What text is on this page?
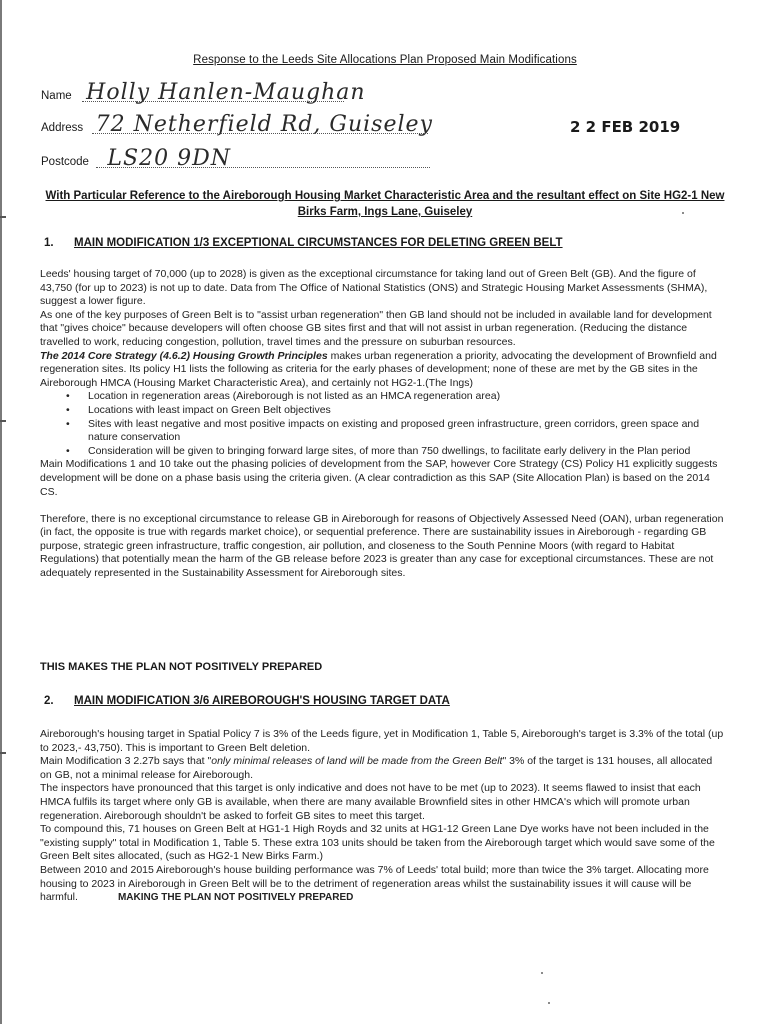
Response to the Leeds Site Allocations Plan Proposed Main Modifications
Name Holly Hanlen-Maughan
Address 72 Netherfield Rd, Guiseley	2 2 FEB 2019
Postcode LS20 9DN
With Particular Reference to the Aireborough Housing Market Characteristic Area and the resultant effect on Site HG2-1 New Birks Farm, Ings Lane, Guiseley
1. MAIN MODIFICATION 1/3 EXCEPTIONAL CIRCUMSTANCES FOR DELETING GREEN BELT

Leeds' housing target of 70,000 (up to 2028) is given as the exceptional circumstance for taking land out of Green Belt (GB). And the figure of 43,750 (for up to 2023) is not up to date. Data from The Office of National Statistics (ONS) and Strategic Housing Market Assessments (SHMA), suggest a lower figure.

As one of the key purposes of Green Belt is to "assist urban regeneration" then GB land should not be included in available land for development that "gives choice" because developers will often choose GB sites first and that will not assist in urban regeneration. (Reducing the distance travelled to work, reducing congestion, pollution, travel times and the pressure on suburban resources.

The 2014 Core Strategy (4.6.2) Housing Growth Principles makes urban regeneration a priority, advocating the development of Brownfield and regeneration sites. Its policy H1 lists the following as criteria for the early phases of development; none of these are met by the GB sites in the Aireborough HMCA (Housing Market Characteristic Area), and certainly not HG2-1.(The Ings)

• Location in regeneration areas (Aireborough is not listed as an HMCA regeneration area)
• Locations with least impact on Green Belt objectives
• Sites with least negative and most positive impacts on existing and proposed green infrastructure, green corridors, green space and nature conservation
• Consideration will be given to bringing forward large sites, of more than 750 dwellings, to facilitate early delivery in the Plan period

Main Modifications 1 and 10 take out the phasing policies of development from the SAP, however Core Strategy (CS) Policy H1 explicitly suggests development will be done on a phase basis using the criteria given. (A clear contradiction as this SAP (Site Allocation Plan) is based on the 2014 CS.

Therefore, there is no exceptional circumstance to release GB in Aireborough for reasons of Objectively Assessed Need (OAN), urban regeneration (in fact, the opposite is true with regards market choice), or sequential preference. There are sustainability issues in Aireborough - regarding GB purpose, strategic green infrastructure, traffic congestion, air pollution, and closeness to the South Pennine Moors (with regard to Habitat Regulations) that potentially mean the harm of the GB release before 2023 is greater than any case for exceptional circumstances. These are not adequately represented in the Sustainability Assessment for Aireborough sites.

THIS MAKES THE PLAN NOT POSITIVELY PREPARED
2. MAIN MODIFICATION 3/6 AIREBOROUGH'S HOUSING TARGET DATA

Aireborough's housing target in Spatial Policy 7 is 3% of the Leeds figure, yet in Modification 1, Table 5, Aireborough's target is 3.3% of the total (up to 2023,- 43,750). This is important to Green Belt deletion.

Main Modification 3 2.27b says that "only minimal releases of land will be made from the Green Belt" 3% of the target is 131 houses, all allocated on GB, not a minimal release for Aireborough.

The inspectors have pronounced that this target is only indicative and does not have to be met (up to 2023). It seems flawed to insist that each HMCA fulfils its target where only GB is available, when there are many available Brownfield sites in other HMCA's which will promote urban regeneration. Aireborough shouldn't be asked to forfeit GB sites to meet this target.

To compound this, 71 houses on Green Belt at HG1-1 High Royds and 32 units at HG1-12 Green Lane Dye works have not been included in the "existing supply" total in Modification 1, Table 5. These extra 103 units should be taken from the Aireborough target which would save some of the Green Belt sites allocated, (such as HG2-1 New Birks Farm.)

Between 2010 and 2015 Aireborough's house building performance was 7% of Leeds' total build; more than twice the 3% target. Allocating more housing to 2023 in Aireborough in Green Belt will be to the detriment of regeneration areas whilst the sustainability issues it will cause will be harmful.	MAKING THE PLAN NOT POSITIVELY PREPARED
